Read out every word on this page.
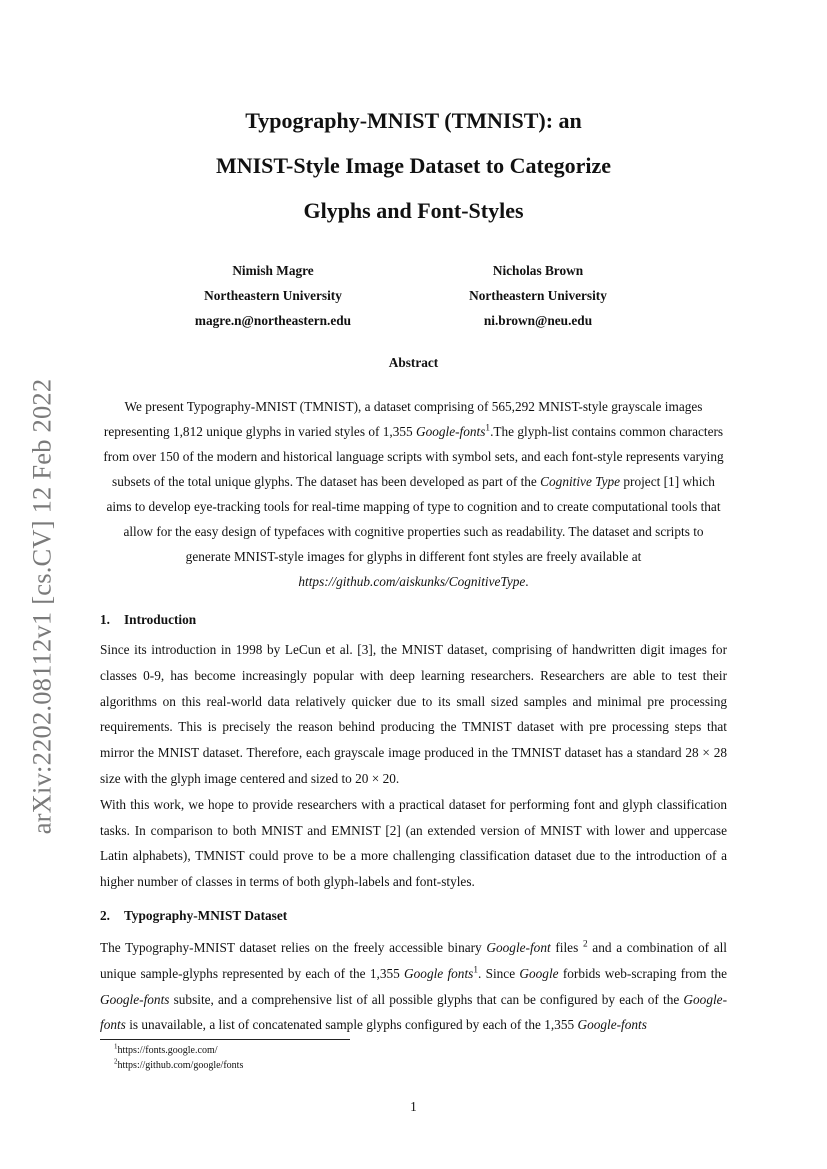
arXiv:2202.08112v1 [cs.CV] 12 Feb 2022
Typography-MNIST (TMNIST): an
MNIST-Style Image Dataset to Categorize
Glyphs and Font-Styles
Nimish Magre
Northeastern University
magre.n@northeastern.edu
Nicholas Brown
Northeastern University
ni.brown@neu.edu
Abstract
We present Typography-MNIST (TMNIST), a dataset comprising of 565,292 MNIST-style grayscale images representing 1,812 unique glyphs in varied styles of 1,355 Google-fonts$^1$.The glyph-list contains common characters from over 150 of the modern and historical language scripts with symbol sets, and each font-style represents varying subsets of the total unique glyphs. The dataset has been developed as part of the Cognitive Type project [1] which aims to develop eye-tracking tools for real-time mapping of type to cognition and to create computational tools that allow for the easy design of typefaces with cognitive properties such as readability. The dataset and scripts to generate MNIST-style images for glyphs in different font styles are freely available at https://github.com/aiskunks/CognitiveType.
1. Introduction

Since its introduction in 1998 by LeCun et al. [3], the MNIST dataset, comprising of handwritten digit images for classes 0-9, has become increasingly popular with deep learning researchers. Researchers are able to test their algorithms on this real-world data relatively quicker due to its small sized samples and minimal pre processing requirements. This is precisely the reason behind producing the TMNIST dataset with pre processing steps that mirror the MNIST dataset. Therefore, each grayscale image produced in the TMNIST dataset has a standard 28 × 28 size with the glyph image centered and sized to 20 × 20.

With this work, we hope to provide researchers with a practical dataset for performing font and glyph classification tasks. In comparison to both MNIST and EMNIST [2] (an extended version of MNIST with lower and uppercase Latin alphabets), TMNIST could prove to be a more challenging classification dataset due to the introduction of a higher number of classes in terms of both glyph-labels and font-styles.

2. Typography-MNIST Dataset

The Typography-MNIST dataset relies on the freely accessible binary Google-font files $^2$ and a combination of all unique sample-glyphs represented by each of the 1,355 Google fonts$^1$. Since Google forbids web-scraping from the Google-fonts subsite, and a comprehensive list of all possible glyphs that can be configured by each of the Google-fonts is unavailable, a list of concatenated sample glyphs configured by each of the 1,355 Google-fonts

$^1$https://fonts.google.com/
$^2$https://github.com/google/fonts
1
